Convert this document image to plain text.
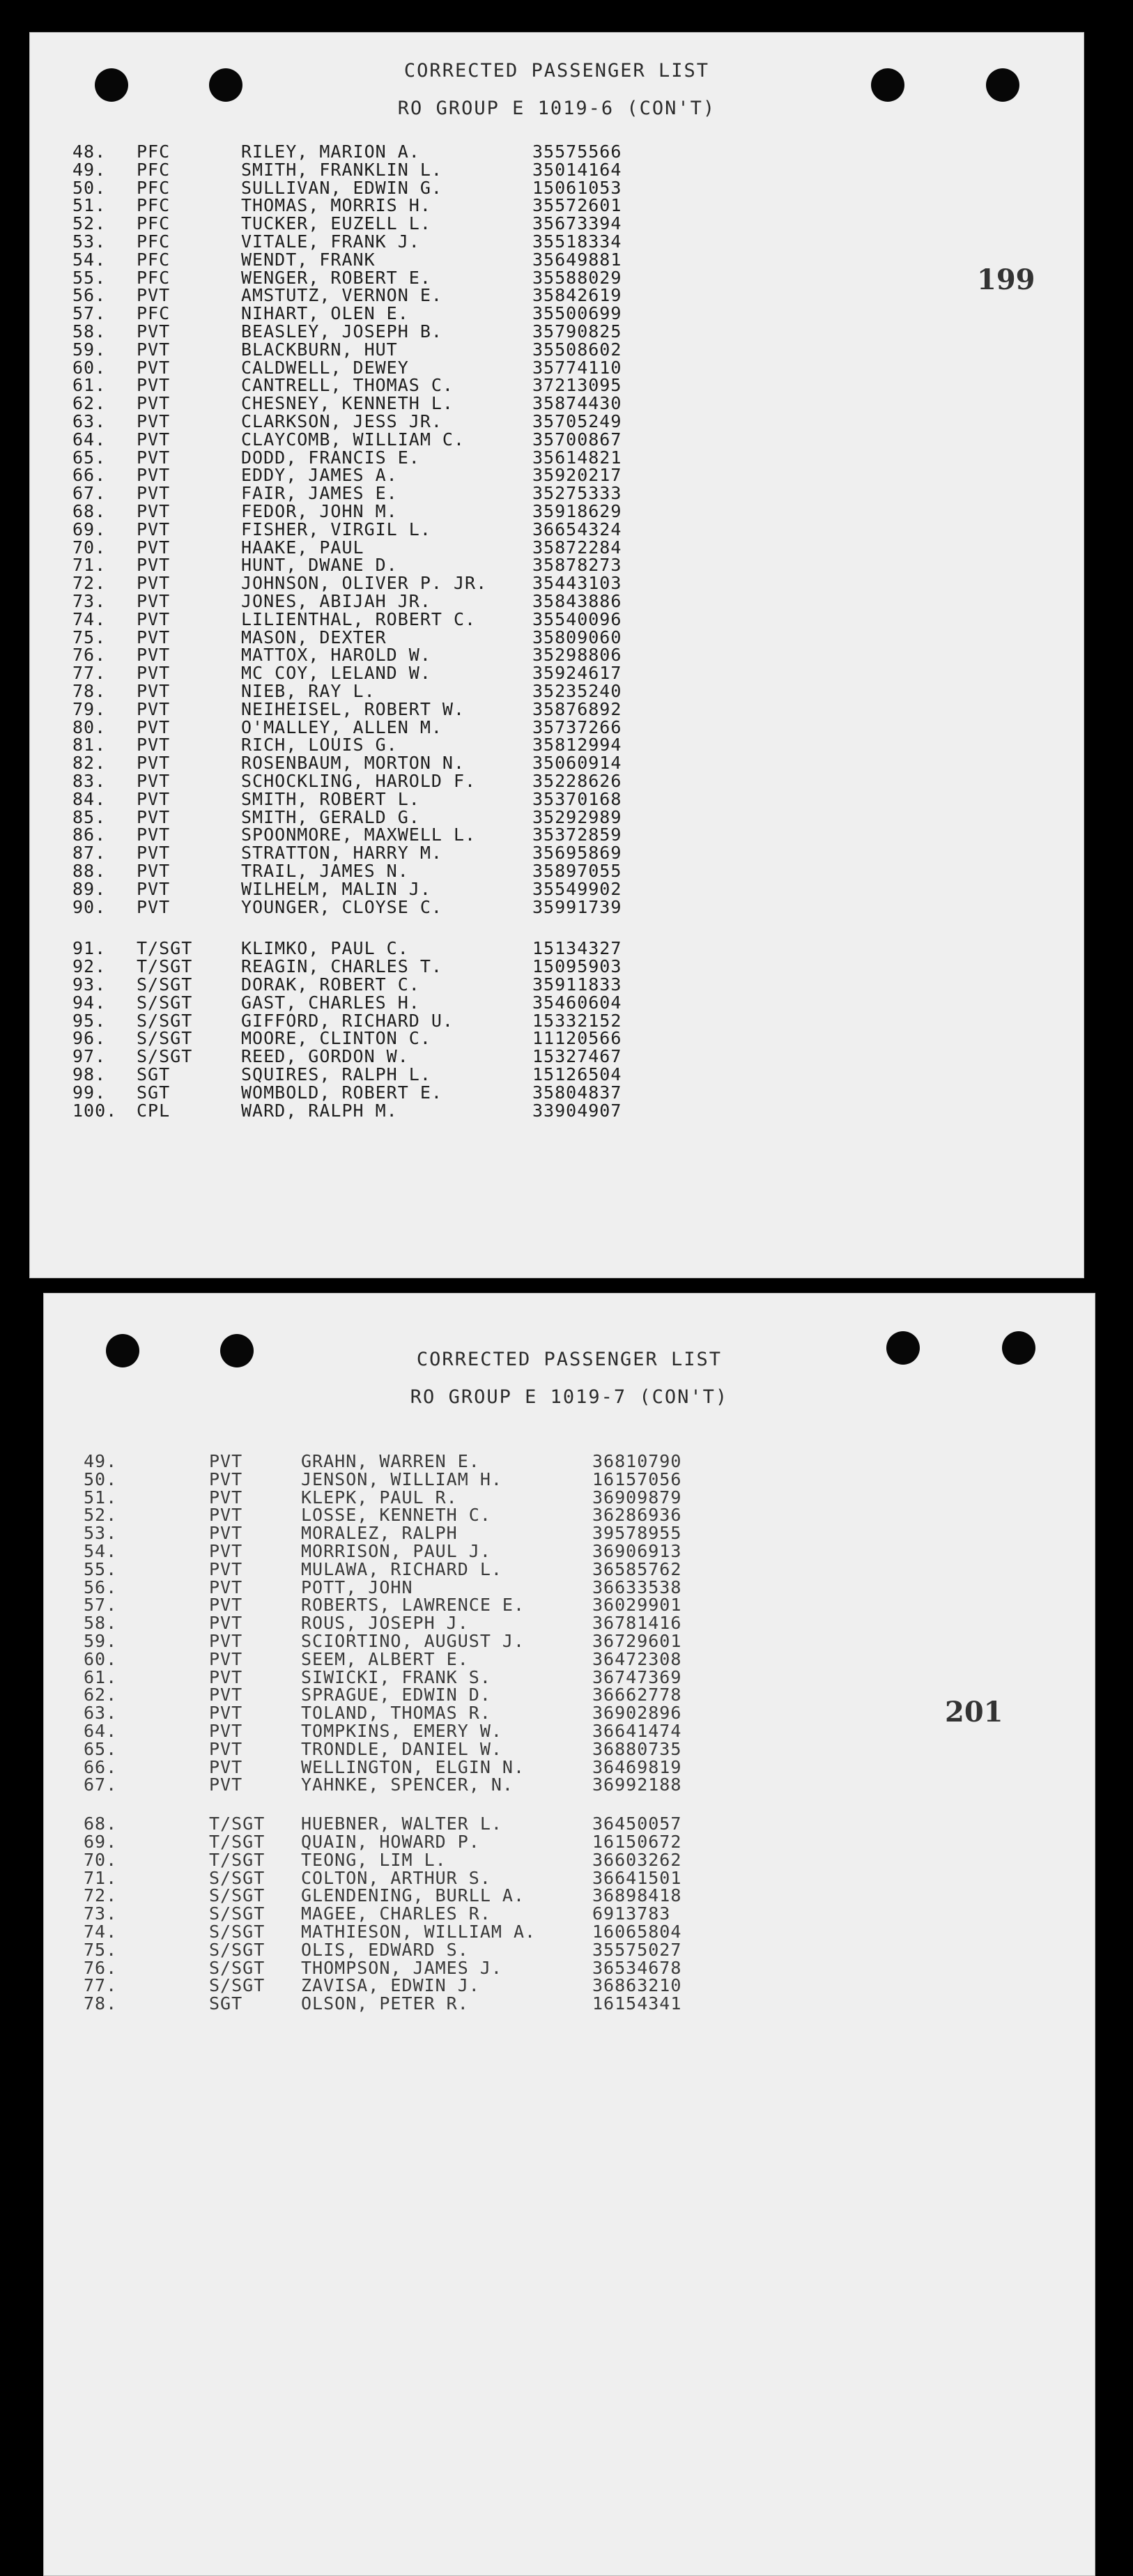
CORRECTED PASSENGER LIST
RO GROUP E 1019-6 (CON'T)
199
48. PFC	RILEY, MARION A.	35575566
49. PFC	SMITH, FRANKLIN L.	35014164
50. PFC	SULLIVAN, EDWIN G.	15061053
51. PFC	THOMAS, MORRIS H.	35572601
52. PFC	TUCKER, EUZELL L.	35673394
53. PFC	VITALE, FRANK J.	35518334
54. PFC	WENDT, FRANK	35649881
55. PFC	WENGER, ROBERT E.	35588029
56. PVT	AMSTUTZ, VERNON E.	35842619
57. PFC	NIHART, OLEN E.	35500699
58. PVT	BEASLEY, JOSEPH B.	35790825
59. PVT	BLACKBURN, HUT	35508602
60. PVT	CALDWELL, DEWEY	35774110
61. PVT	CANTRELL, THOMAS C.	37213095
62. PVT	CHESNEY, KENNETH L.	35874430
63. PVT	CLARKSON, JESS JR.	35705249
64. PVT	CLAYCOMB, WILLIAM C.	35700867
65. PVT	DODD, FRANCIS E.	35614821
66. PVT	EDDY, JAMES A.	35920217
67. PVT	FAIR, JAMES E.	35275333
68. PVT	FEDOR, JOHN M.	35918629
69. PVT	FISHER, VIRGIL L.	36654324
70. PVT	HAAKE, PAUL	35872284
71. PVT	HUNT, DWANE D.	35878273
72. PVT	JOHNSON, OLIVER P. JR.	35443103
73. PVT	JONES, ABIJAH JR.	35843886
74. PVT	LILIENTHAL, ROBERT C.	35540096
75. PVT	MASON, DEXTER	35809060
76. PVT	MATTOX, HAROLD W.	35298806
77. PVT	MC COY, LELAND W.	35924617
78. PVT	NIEB, RAY L.	35235240
79. PVT	NEIHEISEL, ROBERT W.	35876892
80. PVT	O'MALLEY, ALLEN M.	35737266
81. PVT	RICH, LOUIS G.	35812994
82. PVT	ROSENBAUM, MORTON N.	35060914
83. PVT	SCHOCKLING, HAROLD F.	35228626
84. PVT	SMITH, ROBERT L.	35370168
85. PVT	SMITH, GERALD G.	35292989
86. PVT	SPOONMORE, MAXWELL L.	35372859
87. PVT	STRATTON, HARRY M.	35695869
88. PVT	TRAIL, JAMES N.	35897055
89. PVT	WILHELM, MALIN J.	35549902
90. PVT	YOUNGER, CLOYSE C.	35991739
91. T/SGT	KLIMKO, PAUL C.	15134327
92. T/SGT	REAGIN, CHARLES T.	15095903
93. S/SGT	DORAK, ROBERT C.	35911833
94. S/SGT	GAST, CHARLES H.	35460604
95. S/SGT	GIFFORD, RICHARD U.	15332152
96. S/SGT	MOORE, CLINTON C.	11120566
97. S/SGT	REED, GORDON W.	15327467
98. SGT	SQUIRES, RALPH L.	15126504
99. SGT	WOMBOLD, ROBERT E.	35804837
100. CPL	WARD, RALPH M.	33904907
CORRECTED PASSENGER LIST
RO GROUP E 1019-7 (CON'T)
201
49.	PVT	GRAHN, WARREN E.	36810790
50.	PVT	JENSON, WILLIAM H.	16157056
51.	PVT	KLEPK, PAUL R.	36909879
52.	PVT	LOSSE, KENNETH C.	36286936
53.	PVT	MORALEZ, RALPH	39578955
54.	PVT	MORRISON, PAUL J.	36906913
55.	PVT	MULAWA, RICHARD L.	36585762
56.	PVT	POTT, JOHN	36633538
57.	PVT	ROBERTS, LAWRENCE E.	36029901
58.	PVT	ROUS, JOSEPH J.	36781416
59.	PVT	SCIORTINO, AUGUST J.	36729601
60.	PVT	SEEM, ALBERT E.	36472308
61.	PVT	SIWICKI, FRANK S.	36747369
62.	PVT	SPRAGUE, EDWIN D.	36662778
63.	PVT	TOLAND, THOMAS R.	36902896
64.	PVT	TOMPKINS, EMERY W.	36641474
65.	PVT	TRONDLE, DANIEL W.	36880735
66.	PVT	WELLINGTON, ELGIN N.	36469819
67.	PVT	YAHNKE, SPENCER, N.	36992188
68.	T/SGT HUEBNER, WALTER L.	36450057
69.	T/SGT QUAIN, HOWARD P.	16150672
70.	T/SGT TEONG, LIM L.	36603262
71.	S/SGT COLTON, ARTHUR S.	36641501
72.	S/SGT GLENDENING, BURLL A.	36898418
73.	S/SGT MAGEE, CHARLES R.	6913783
74.	S/SGT MATHIESON, WILLIAM A.	16065804
75.	S/SGT OLIS, EDWARD S.	35575027
76.	S/SGT THOMPSON, JAMES J.	36534678
77.	S/SGT ZAVISA, EDWIN J.	36863210
78.	SGT	OLSON, PETER R.	16154341
